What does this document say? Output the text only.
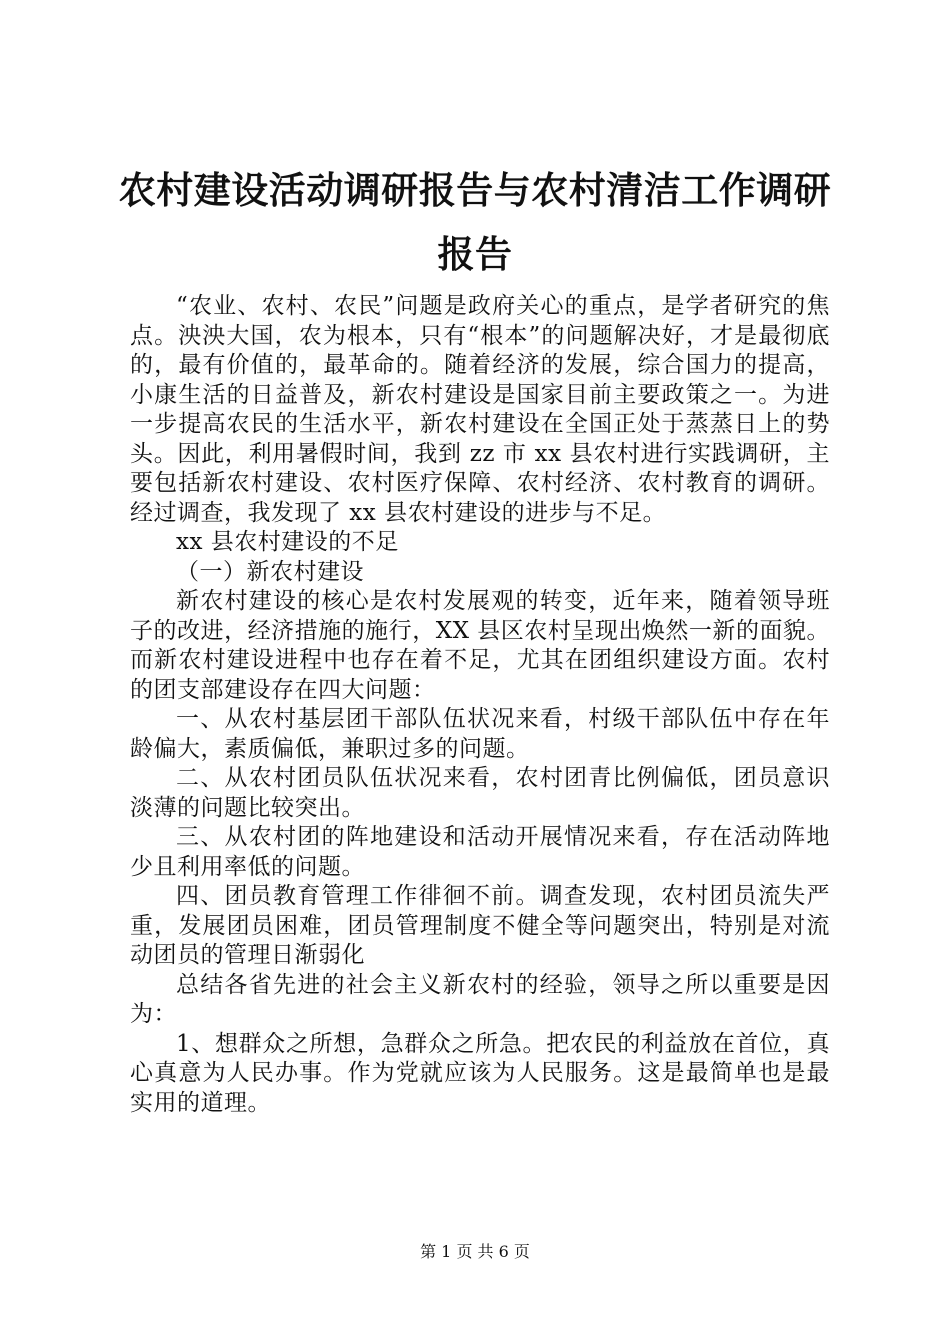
农村建设活动调研报告与农村清洁工作调研报告

“农业、农村、农民”问题是政府关心的重点，是学者研究的焦点。泱泱大国，农为根本，只有“根本”的问题解决好，才是最彻底的，最有价值的，最革命的。随着经济的发展，综合国力的提高，小康生活的日益普及，新农村建设是国家目前主要政策之一。为进一步提高农民的生活水平，新农村建设在全国正处于蒸蒸日上的势头。因此，利用暑假时间，我到 zz 市 xx 县农村进行实践调研，主要包括新农村建设、农村医疗保障、农村经济、农村教育的调研。经过调查，我发现了 xx 县农村建设的进步与不足。

xx 县农村建设的不足

（一）新农村建设

新农村建设的核心是农村发展观的转变，近年来，随着领导班子的改进，经济措施的施行，XX 县区农村呈现出焕然一新的面貌。而新农村建设进程中也存在着不足，尤其在团组织建设方面。农村的团支部建设存在四大问题：

一、从农村基层团干部队伍状况来看，村级干部队伍中存在年龄偏大，素质偏低，兼职过多的问题。

二、从农村团员队伍状况来看，农村团青比例偏低，团员意识淡薄的问题比较突出。

三、从农村团的阵地建设和活动开展情况来看，存在活动阵地少且利用率低的问题。

四、团员教育管理工作徘徊不前。调查发现，农村团员流失严重，发展团员困难，团员管理制度不健全等问题突出，特别是对流动团员的管理日渐弱化

总结各省先进的社会主义新农村的经验，领导之所以重要是因为：

1、想群众之所想，急群众之所急。把农民的利益放在首位，真心真意为人民办事。作为党就应该为人民服务。这是最简单也是最实用的道理。

第 1 页 共 6 页
